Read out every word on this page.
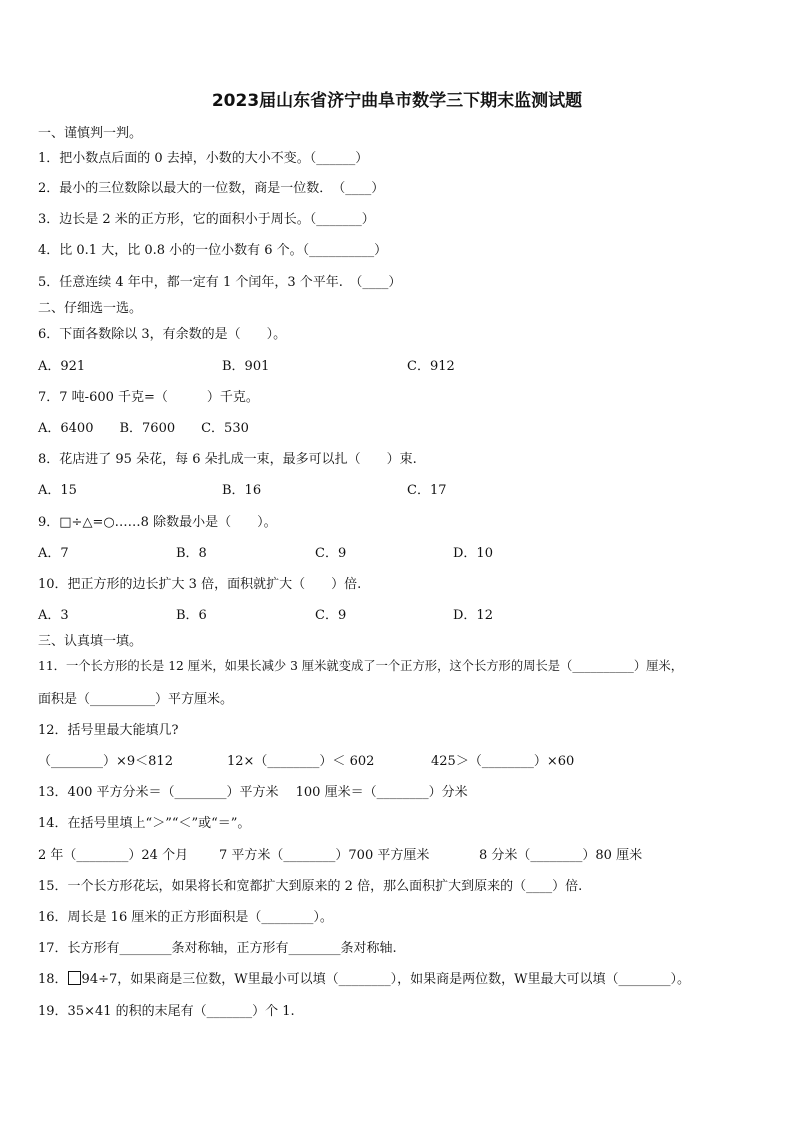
2023届山东省济宁曲阜市数学三下期末监测试题
一、谨慎判一判。
1．把小数点后面的 0 去掉，小数的大小不变。（______）
2．最小的三位数除以最大的一位数，商是一位数．　（____）
3．边长是 2 米的正方形，它的面积小于周长。（_______）
4．比 0.1 大，比 0.8 小的一位小数有 6 个。（__________）
5．任意连续 4 年中，都一定有 1 个闰年，3 个平年.　（____）
二、仔细选一选。
6．下面各数除以 3，有余数的是（　　）。
A．921	B．901	C．912
7．7 吨-600 千克=（　　　）千克。
A．6400　　B．7600　　C．530
8．花店进了 95 朵花，每 6 朵扎成一束，最多可以扎（　　）束.
A．15	B．16	C．17
9．□÷△=○……8 除数最小是（　　）。
A．7	B．8	C．9	D．10
10．把正方形的边长扩大 3 倍，面积就扩大（　　）倍.
A．3	B．6	C．9	D．12
三、认真填一填。
11．一个长方形的长是 12 厘米，如果长减少 3 厘米就变成了一个正方形，这个长方形的周长是（__________）厘米，
面积是（__________）平方厘米。
12．括号里最大能填几?
（________）×9＜812	12×（________）＜ 602	425＞（________）×60
13．400 平方分米＝（________）平方米　 100 厘米＝（________）分米
14．在括号里填上“＞”“＜”或“＝”。
2 年（________）24 个月 7 平方米（________）700 平方厘米	8 分米（________）80 厘米
15．一个长方形花坛，如果将长和宽都扩大到原来的 2 倍，那么面积扩大到原来的（____）倍.
16．周长是 16 厘米的正方形面积是（________）。
17．长方形有________条对称轴，正方形有________条对称轴.
18． 94÷7，如果商是三位数，W里最小可以填（________），如果商是两位数，W里最大可以填（________）。
19．35×41 的积的末尾有（_______）个 1.
